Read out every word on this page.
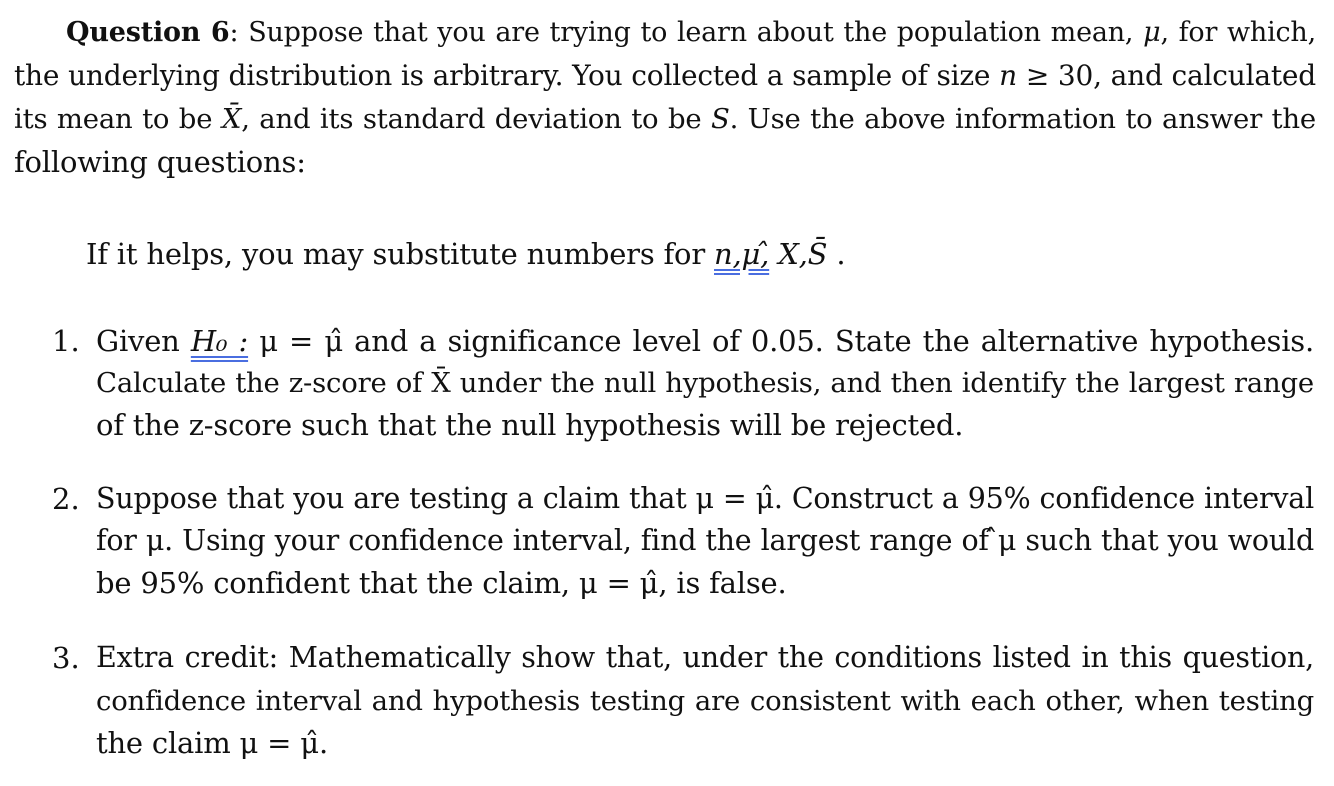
Question 6: Suppose that you are trying to learn about the population mean, μ, for which,
the underlying distribution is arbitrary. You collected a sample of size n ≥ 30, and calculated
its mean to be X̄, and its standard deviation to be S. Use the above information to answer the
following questions:
If it helps, you may substitute numbers for n,μ,̂ X,S̄ .
1. Given H₀ : μ = μ̂ and a significance level of 0.05. State the alternative hypothesis.
Calculate the z-score of X̄ under the null hypothesis, and then identify the largest range
of the z-score such that the null hypothesis will be rejected.
2. Suppose that you are testing a claim that μ = μ̂. Construct a 95% confidence interval
for μ. Using your confidence interval, find the largest range of ̂μ such that you would
be 95% confident that the claim, μ = μ̂, is false.
3. Extra credit: Mathematically show that, under the conditions listed in this question,
confidence interval and hypothesis testing are consistent with each other, when testing
the claim μ = μ̂.
